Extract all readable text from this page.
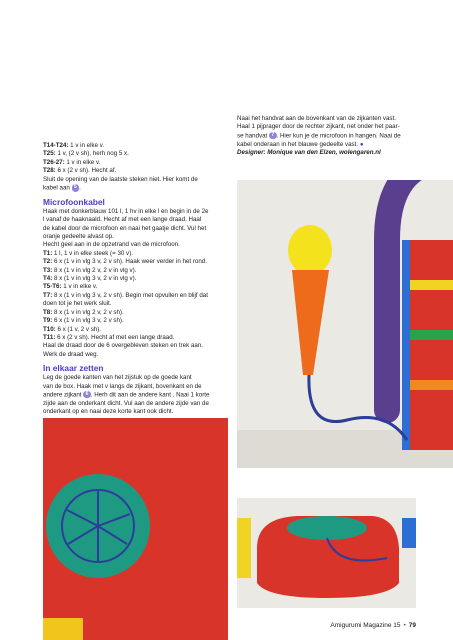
T14-T24: 1 v in elke v.
T25: 1 v, (2 v sh), herh nog 5 x.
T26-27: 1 v in elke v.
T28: 6 x (2 v sh). Hecht af.
Sluit de opening van de laatste steken niet. Hier komt de
kabel aan 5 .
Microfoonkabel
Haak met donkerblauw 101 l, 1 hv in elke l en begin in de 2e
l vanaf de haaknaald. Hecht af met een lange draad. Haal
de kabel door de microfoon en naai het gaatje dicht. Vul het
oranje gedeelte alvast op.
Hecht geel aan in de opzetrand van de microfoon.
T1: 1 l, 1 v in elke steek (= 30 v).
T2: 6 x (1 v in vlg 3 v, 2 v sh). Haak weer verder in het rond.
T3: 8 x (1 v in vlg 2 v, 2 v in vlg v).
T4: 8 x (1 v in vlg 3 v, 2 v in vlg v).
T5-T6: 1 v in elke v.
T7: 8 x (1 v in vlg 3 v, 2 v sh). Begin met opvullen en blijf dat
doen tot je het werk sluit.
T8: 8 x (1 v in vlg 2 v, 2 v sh).
T9: 6 x (1 v in vlg 3 v, 2 v sh).
T10: 6 x (1 v, 2 v sh).
T11: 6 x (2 v sh). Hecht af met een lange draad.
Haal de draad door de 6 overgebleven steken en trek aan.
Werk de draad weg.
In elkaar zetten
Leg de goede kanten van het zijstuk op de goede kant
van de box. Haak met v langs de zijkant, bovenkant en de
andere zijkant 6 . Herh dit aan de andere kant . Naai 1 korte
zijde aan de onderkant dicht. Vul aan de andere zijde van de
onderkant op en naai deze korte kant ook dicht.
Naai het handvat aan de bovenkant van de zijkanten vast.
Haal 1 pijprager door de rechter zijkant, net onder het paar-
se handvat 7 . Hier kun je de microfoon in hangen. Naai de
kabel onderaan in het blauwe gedeelte vast. ●
Designer: Monique van den Elzen, wolengaren.nl
Amigurumi Magazine 15 • 79
